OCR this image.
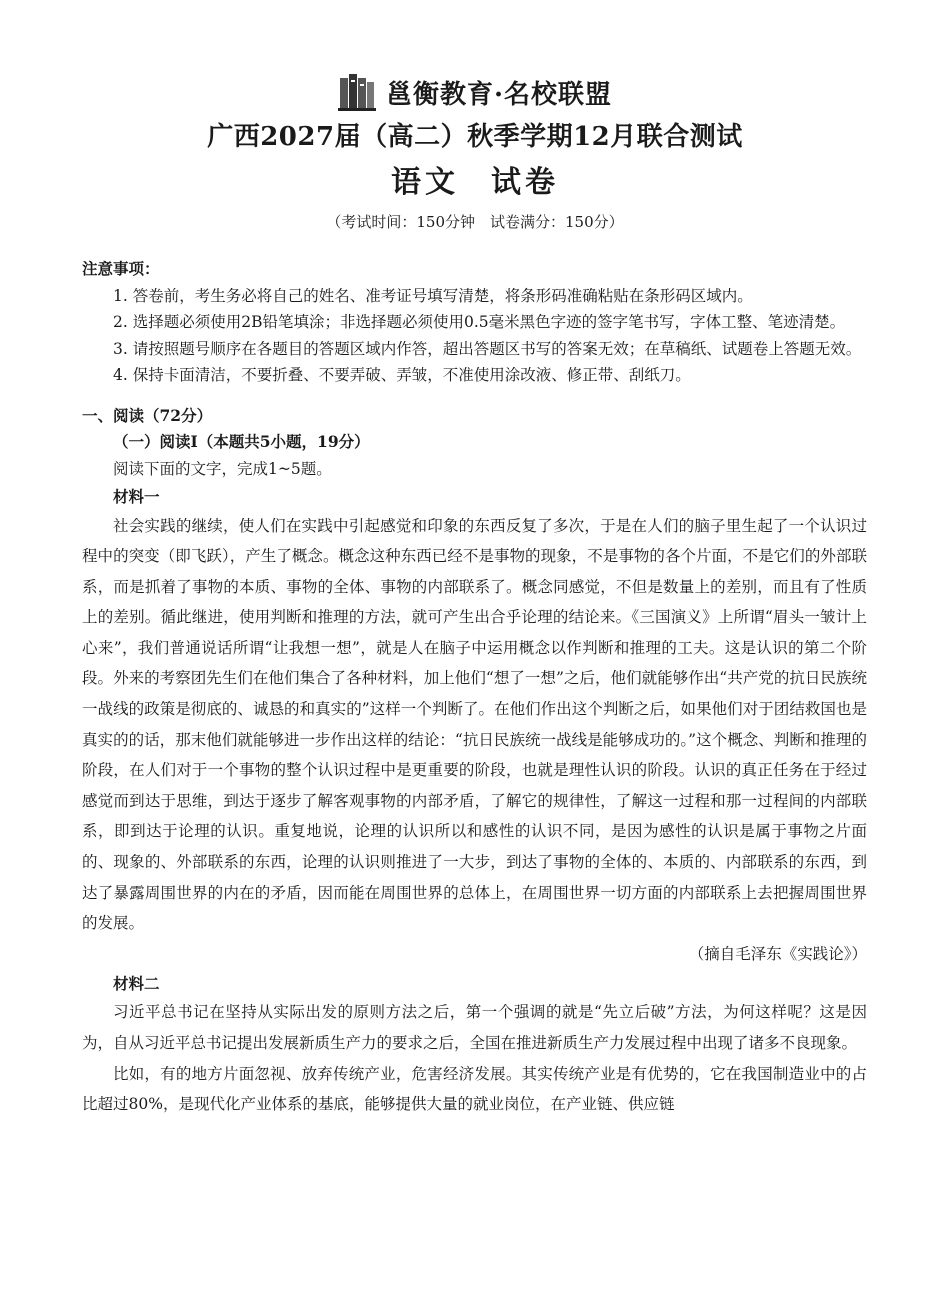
邕衡教育·名校联盟
广西2027届（高二）秋季学期12月联合测试
语文 试卷
（考试时间：150分钟　试卷满分：150分）
注意事项：
1. 答卷前，考生务必将自己的姓名、准考证号填写清楚，将条形码准确粘贴在条形码区域内。
2. 选择题必须使用2B铅笔填涂；非选择题必须使用0.5毫米黑色字迹的签字笔书写，字体工整、笔迹清楚。
3. 请按照题号顺序在各题目的答题区域内作答，超出答题区书写的答案无效；在草稿纸、试题卷上答题无效。
4. 保持卡面清洁，不要折叠、不要弄破、弄皱，不准使用涂改液、修正带、刮纸刀。
一、阅读（72分）
（一）阅读Ⅰ（本题共5小题，19分）
阅读下面的文字，完成1~5题。
材料一
社会实践的继续，使人们在实践中引起感觉和印象的东西反复了多次，于是在人们的脑子里生起了一个认识过程中的突变（即飞跃），产生了概念。概念这种东西已经不是事物的现象，不是事物的各个片面，不是它们的外部联系，而是抓着了事物的本质、事物的全体、事物的内部联系了。概念同感觉，不但是数量上的差别，而且有了性质上的差别。循此继进，使用判断和推理的方法，就可产生出合乎论理的结论来。《三国演义》上所谓“眉头一皱计上心来”，我们普通说话所谓“让我想一想”，就是人在脑子中运用概念以作判断和推理的工夫。这是认识的第二个阶段。外来的考察团先生们在他们集合了各种材料，加上他们“想了一想”之后，他们就能够作出“共产党的抗日民族统一战线的政策是彻底的、诚恳的和真实的”这样一个判断了。在他们作出这个判断之后，如果他们对于团结救国也是真实的的话，那末他们就能够进一步作出这样的结论：“抗日民族统一战线是能够成功的。”这个概念、判断和推理的阶段，在人们对于一个事物的整个认识过程中是更重要的阶段，也就是理性认识的阶段。认识的真正任务在于经过感觉而到达于思维，到达于逐步了解客观事物的内部矛盾，了解它的规律性，了解这一过程和那一过程间的内部联系，即到达于论理的认识。重复地说，论理的认识所以和感性的认识不同，是因为感性的认识是属于事物之片面的、现象的、外部联系的东西，论理的认识则推进了一大步，到达了事物的全体的、本质的、内部联系的东西，到达了暴露周围世界的内在的矛盾，因而能在周围世界的总体上，在周围世界一切方面的内部联系上去把握周围世界的发展。
（摘自毛泽东《实践论》）
材料二
习近平总书记在坚持从实际出发的原则方法之后，第一个强调的就是“先立后破”方法，为何这样呢？这是因为，自从习近平总书记提出发展新质生产力的要求之后，全国在推进新质生产力发展过程中出现了诸多不良现象。
比如，有的地方片面忽视、放弃传统产业，危害经济发展。其实传统产业是有优势的，它在我国制造业中的占比超过80%，是现代化产业体系的基底，能够提供大量的就业岗位，在产业链、供应链
